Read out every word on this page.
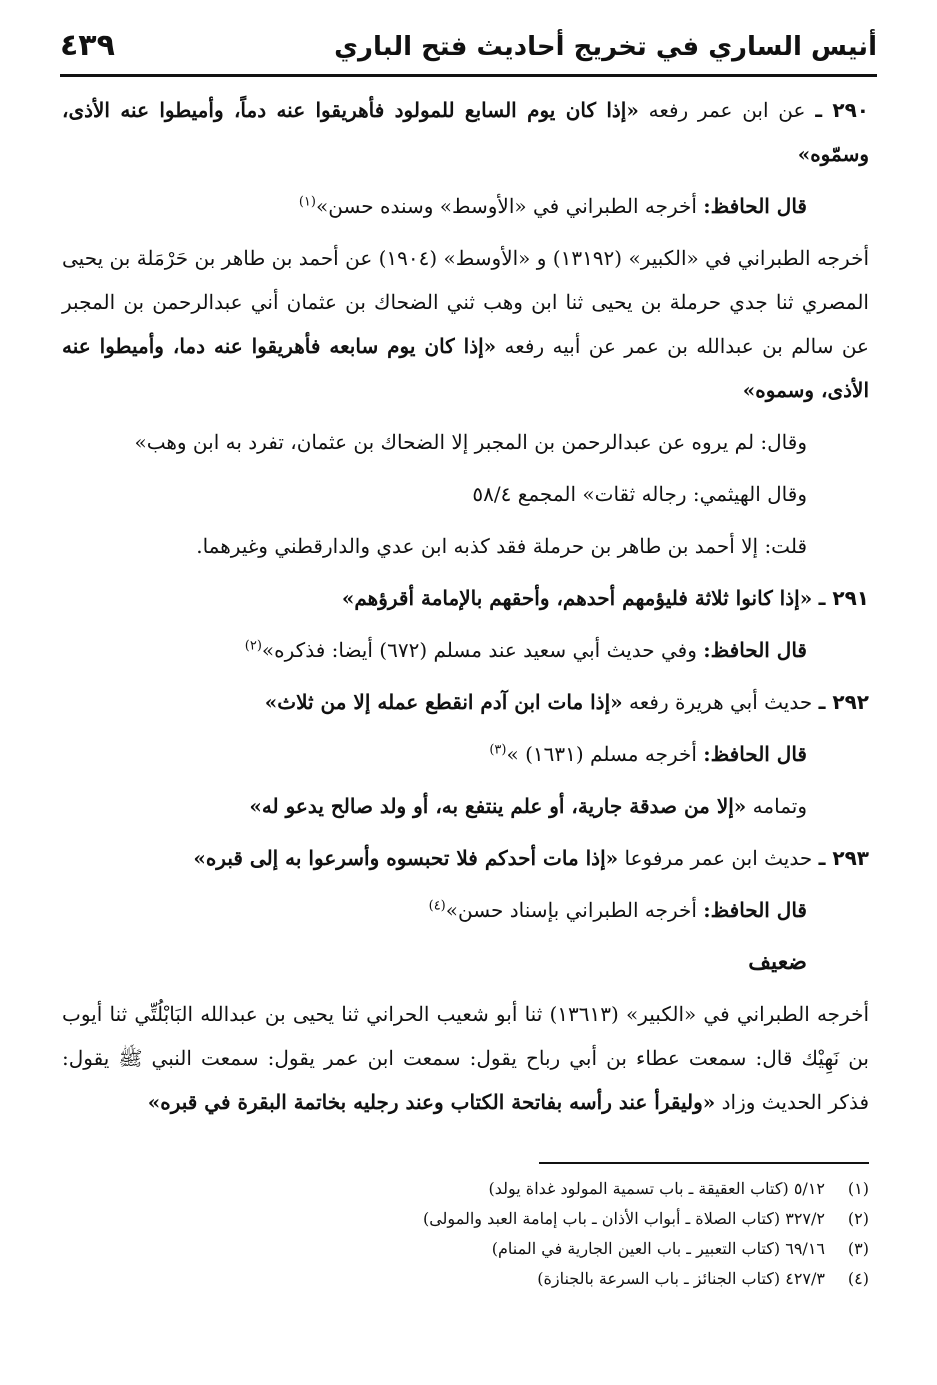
أنيس الساري في تخريج أحاديث فتح الباري
٤٣٩

٢٩٠ ـ عن ابن عمر رفعه «إذا كان يوم السابع للمولود فأهريقوا عنه دماً، وأميطوا عنه الأذى، وسمّوه»

قال الحافظ: أخرجه الطبراني في «الأوسط» وسنده حسن»$^{(١)}$

أخرجه الطبراني في «الكبير» (١٣١٩٢) و «الأوسط» (١٩٠٤) عن أحمد بن طاهر بن حَرْمَلة بن يحيى المصري ثنا جدي حرملة بن يحيى ثنا ابن وهب ثني الضحاك بن عثمان أني عبدالرحمن بن المجبر عن سالم بن عبدالله بن عمر عن أبيه رفعه «إذا كان يوم سابعه فأهريقوا عنه دما، وأميطوا عنه الأذى، وسموه»

وقال: لم يروه عن عبدالرحمن بن المجبر إلا الضحاك بن عثمان، تفرد به ابن وهب»

وقال الهيثمي: رجاله ثقات» المجمع ٥٨/٤

قلت: إلا أحمد بن طاهر بن حرملة فقد كذبه ابن عدي والدارقطني وغيرهما.

٢٩١ ـ «إذا كانوا ثلاثة فليؤمهم أحدهم، وأحقهم بالإمامة أقرؤهم»

قال الحافظ: وفي حديث أبي سعيد عند مسلم (٦٧٢) أيضا: فذكره»$^{(٢)}$

٢٩٢ ـ حديث أبي هريرة رفعه «إذا مات ابن آدم انقطع عمله إلا من ثلاث»

قال الحافظ: أخرجه مسلم (١٦٣١) »$^{(٣)}$

وتمامه «إلا من صدقة جارية، أو علم ينتفع به، أو ولد صالح يدعو له»

٢٩٣ ـ حديث ابن عمر مرفوعا «إذا مات أحدكم فلا تحبسوه وأسرعوا به إلى قبره»

قال الحافظ: أخرجه الطبراني بإسناد حسن»$^{(٤)}$

ضعيف

أخرجه الطبراني في «الكبير» (١٣٦١٣) ثنا أبو شعيب الحراني ثنا يحيى بن عبدالله البَابْلُتِّي ثنا أيوب بن نَهِيْك قال: سمعت عطاء بن أبي رباح يقول: سمعت ابن عمر يقول: سمعت النبي ﷺ يقول: فذكر الحديث وزاد «وليقرأ عند رأسه بفاتحة الكتاب وعند رجليه بخاتمة البقرة في قبره»

(١)٥/١٢ (كتاب العقيقة ـ باب تسمية المولود غداة يولد)

(٢)٣٢٧/٢ (كتاب الصلاة ـ أبواب الأذان ـ باب إمامة العبد والمولى)

(٣)٦٩/١٦ (كتاب التعبير ـ باب العين الجارية في المنام)

(٤)٤٢٧/٣ (كتاب الجنائز ـ باب السرعة بالجنازة)
